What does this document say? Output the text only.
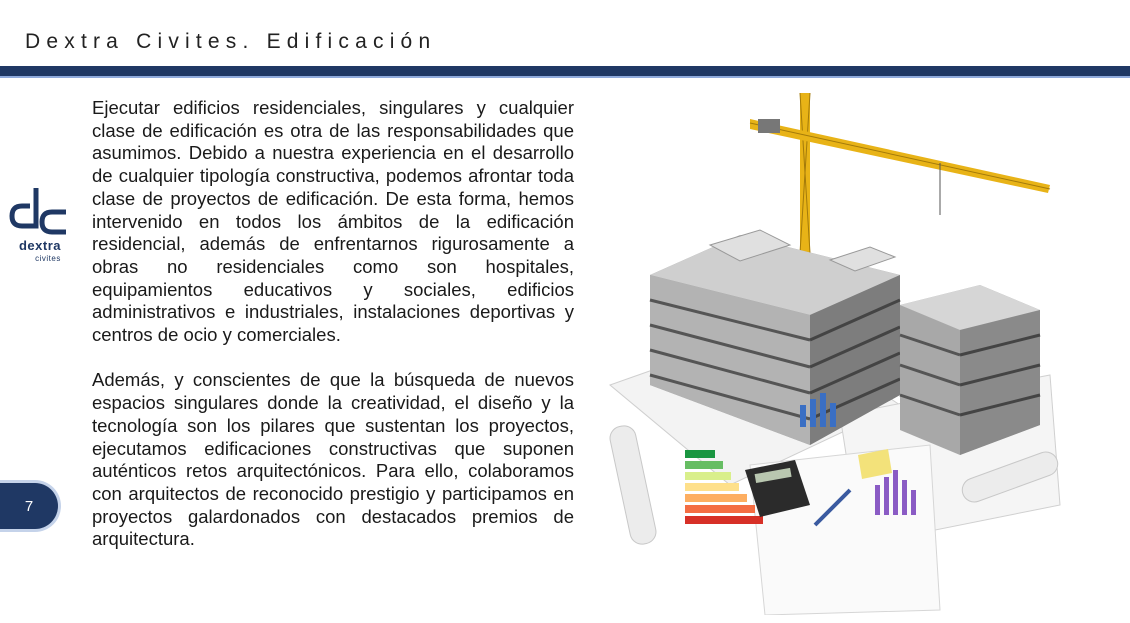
Dextra Civites. Edificación
dextra
civites
7

Ejecutar edificios residenciales, singulares y cualquier clase de edificación es otra de las responsabilidades que asumimos. Debido a nuestra experiencia en el desarrollo de cualquier tipología constructiva, podemos afrontar toda clase de proyectos de edificación. De esta forma, hemos intervenido en todos los ámbitos de la edificación residencial, además de enfrentarnos rigurosamente a obras no residenciales como son hospitales, equipamientos educativos y sociales, edificios administrativos e industriales, instalaciones deportivas y centros de ocio y comerciales.

Además, y conscientes de que la búsqueda de nuevos espacios singulares donde la creatividad, el diseño y la tecnología son los pilares que sustentan los proyectos, ejecutamos edificaciones constructivas que suponen auténticos retos arquitectónicos. Para ello, colaboramos con arquitectos de reconocido prestigio y participamos en proyectos galardonados con destacados premios de arquitectura.
